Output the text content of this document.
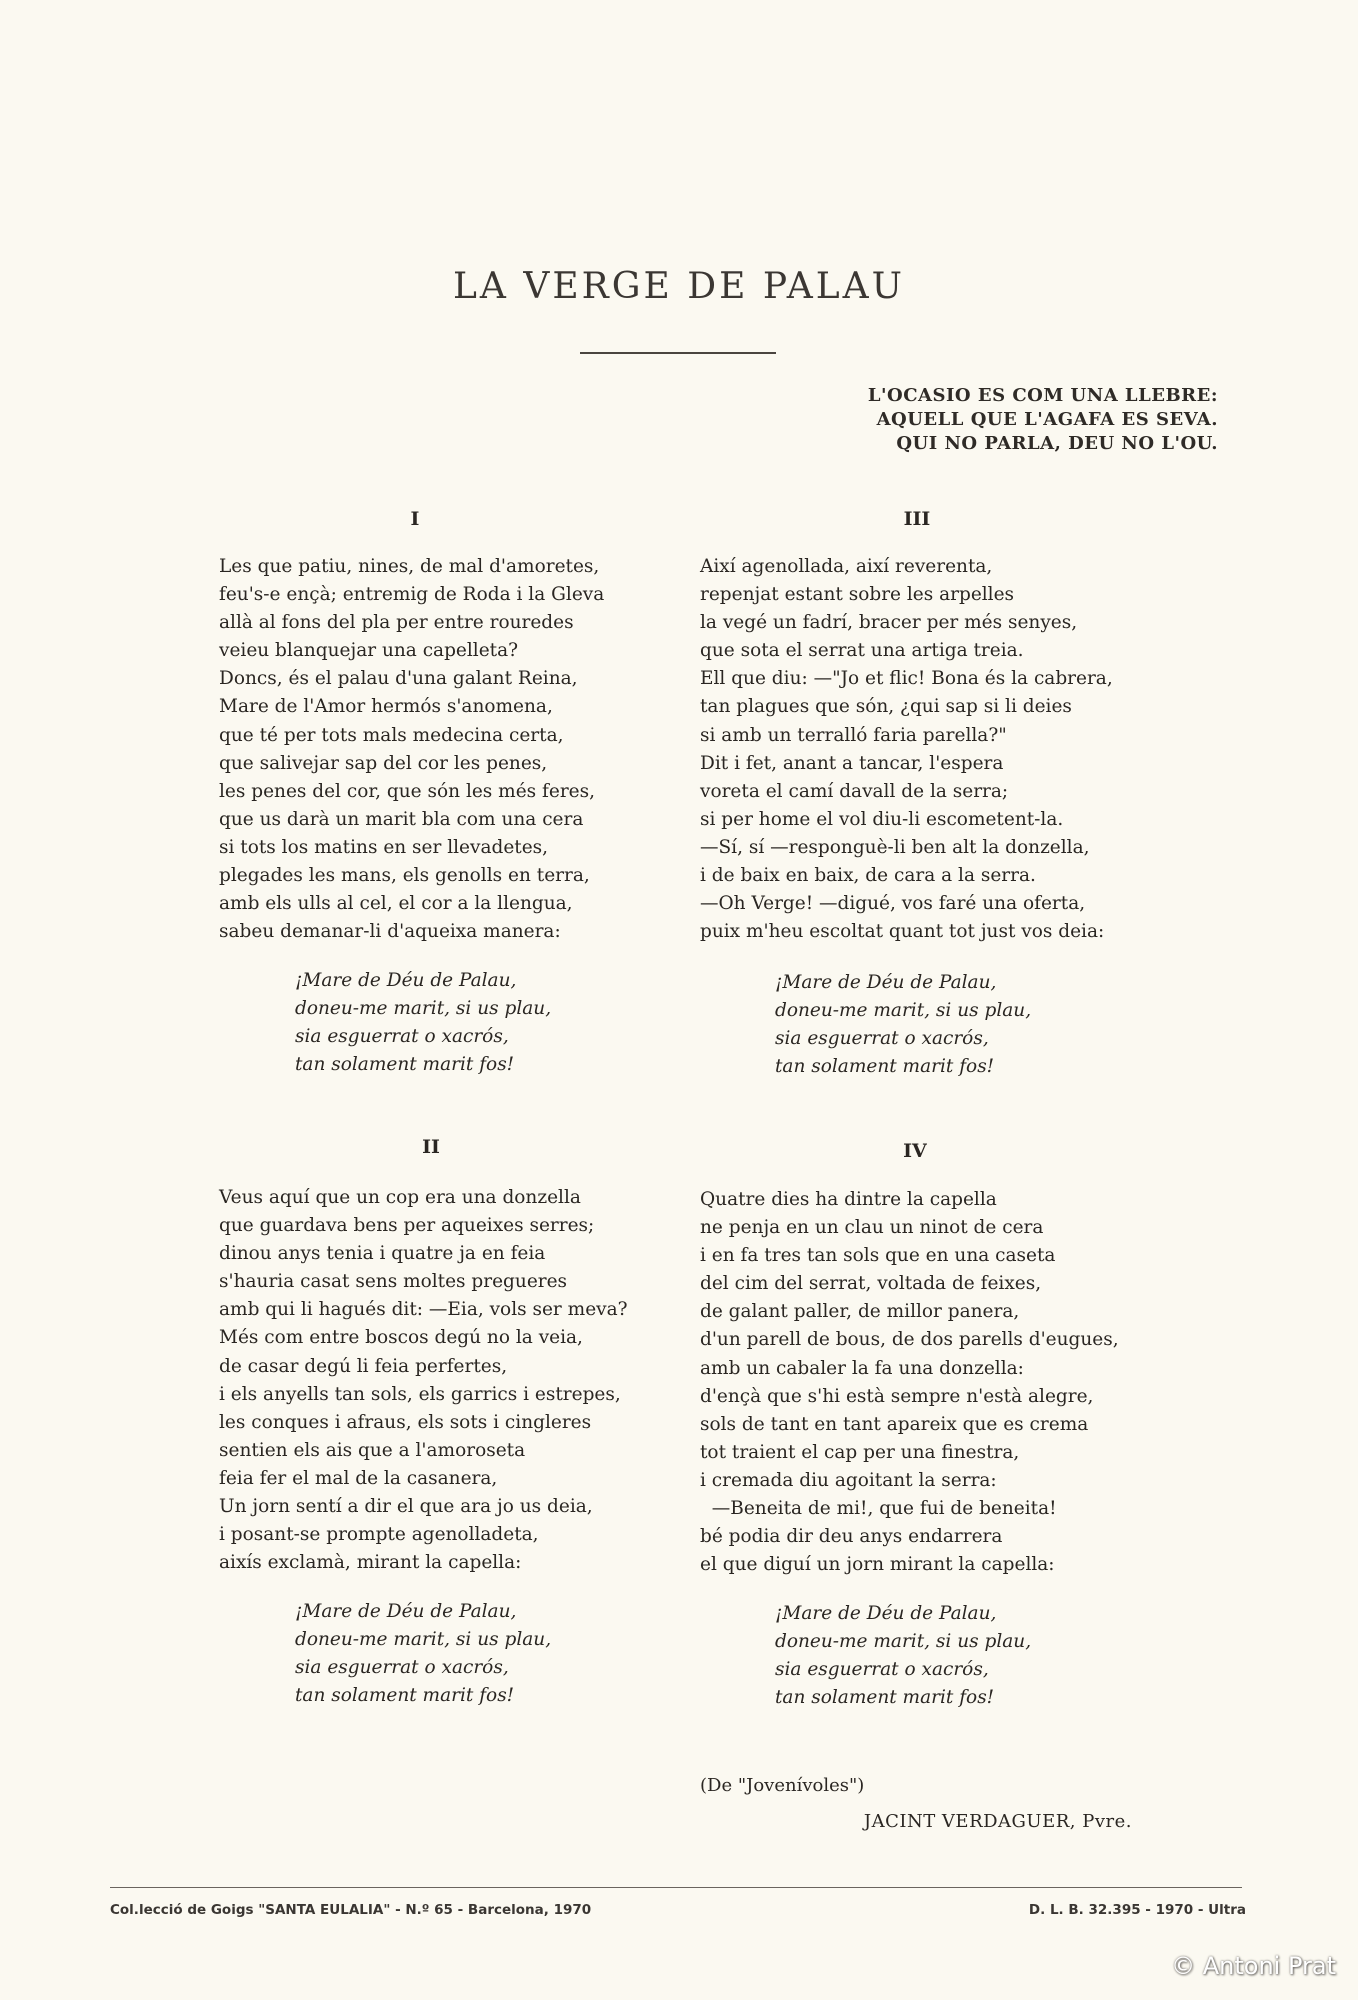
LA VERGE DE PALAU
L'OCASIO ES COM UNA LLEBRE:
AQUELL QUE L'AGAFA ES SEVA.
QUI NO PARLA, DEU NO L'OU.
I
Les que patiu, nines, de mal d'amoretes,
feu's-e ençà; entremig de Roda i la Gleva
allà al fons del pla per entre rouredes
veieu blanquejar una capelleta?
Doncs, és el palau d'una galant Reina,
Mare de l'Amor hermós s'anomena,
que té per tots mals medecina certa,
que salivejar sap del cor les penes,
les penes del cor, que són les més feres,
que us darà un marit bla com una cera
si tots los matins en ser llevadetes,
plegades les mans, els genolls en terra,
amb els ulls al cel, el cor a la llengua,
sabeu demanar-li d'aqueixa manera:
¡Mare de Déu de Palau,
doneu-me marit, si us plau,
sia esguerrat o xacrós,
tan solament marit fos!
III
Així agenollada, així reverenta,
repenjat estant sobre les arpelles
la vegé un fadrí, bracer per més senyes,
que sota el serrat una artiga treia.
Ell que diu: —"Jo et flic! Bona és la cabrera,
tan plagues que són, ¿qui sap si li deies
si amb un terralló faria parella?"
Dit i fet, anant a tancar, l'espera
voreta el camí davall de la serra;
si per home el vol diu-li escometent-la.
—Sí, sí —responguè-li ben alt la donzella,
i de baix en baix, de cara a la serra.
—Oh Verge! —digué, vos faré una oferta,
puix m'heu escoltat quant tot just vos deia:
¡Mare de Déu de Palau,
doneu-me marit, si us plau,
sia esguerrat o xacrós,
tan solament marit fos!
II
Veus aquí que un cop era una donzella
que guardava bens per aqueixes serres;
dinou anys tenia i quatre ja en feia
s'hauria casat sens moltes pregueres
amb qui li hagués dit: —Eia, vols ser meva?
Més com entre boscos degú no la veia,
de casar degú li feia perfertes,
i els anyells tan sols, els garrics i estrepes,
les conques i afraus, els sots i cingleres
sentien els ais que a l'amoroseta
feia fer el mal de la casanera,
Un jorn sentí a dir el que ara jo us deia,
i posant-se prompte agenolladeta,
aixís exclamà, mirant la capella:
¡Mare de Déu de Palau,
doneu-me marit, si us plau,
sia esguerrat o xacrós,
tan solament marit fos!
IV
Quatre dies ha dintre la capella
ne penja en un clau un ninot de cera
i en fa tres tan sols que en una caseta
del cim del serrat, voltada de feixes,
de galant paller, de millor panera,
d'un parell de bous, de dos parells d'eugues,
amb un cabaler la fa una donzella:
d'ençà que s'hi està sempre n'està alegre,
sols de tant en tant apareix que es crema
tot traient el cap per una finestra,
i cremada diu agoitant la serra:
—Beneita de mi!, que fui de beneita!
bé podia dir deu anys endarrera
el que diguí un jorn mirant la capella:
¡Mare de Déu de Palau,
doneu-me marit, si us plau,
sia esguerrat o xacrós,
tan solament marit fos!
(De "Jovenívoles")
JACINT VERDAGUER, Pvre.
Col.lecció de Goigs "SANTA EULALIA" - N.º 65 - Barcelona, 1970	D. L. B. 32.395 - 1970 - Ultra
© Antoni Prat
